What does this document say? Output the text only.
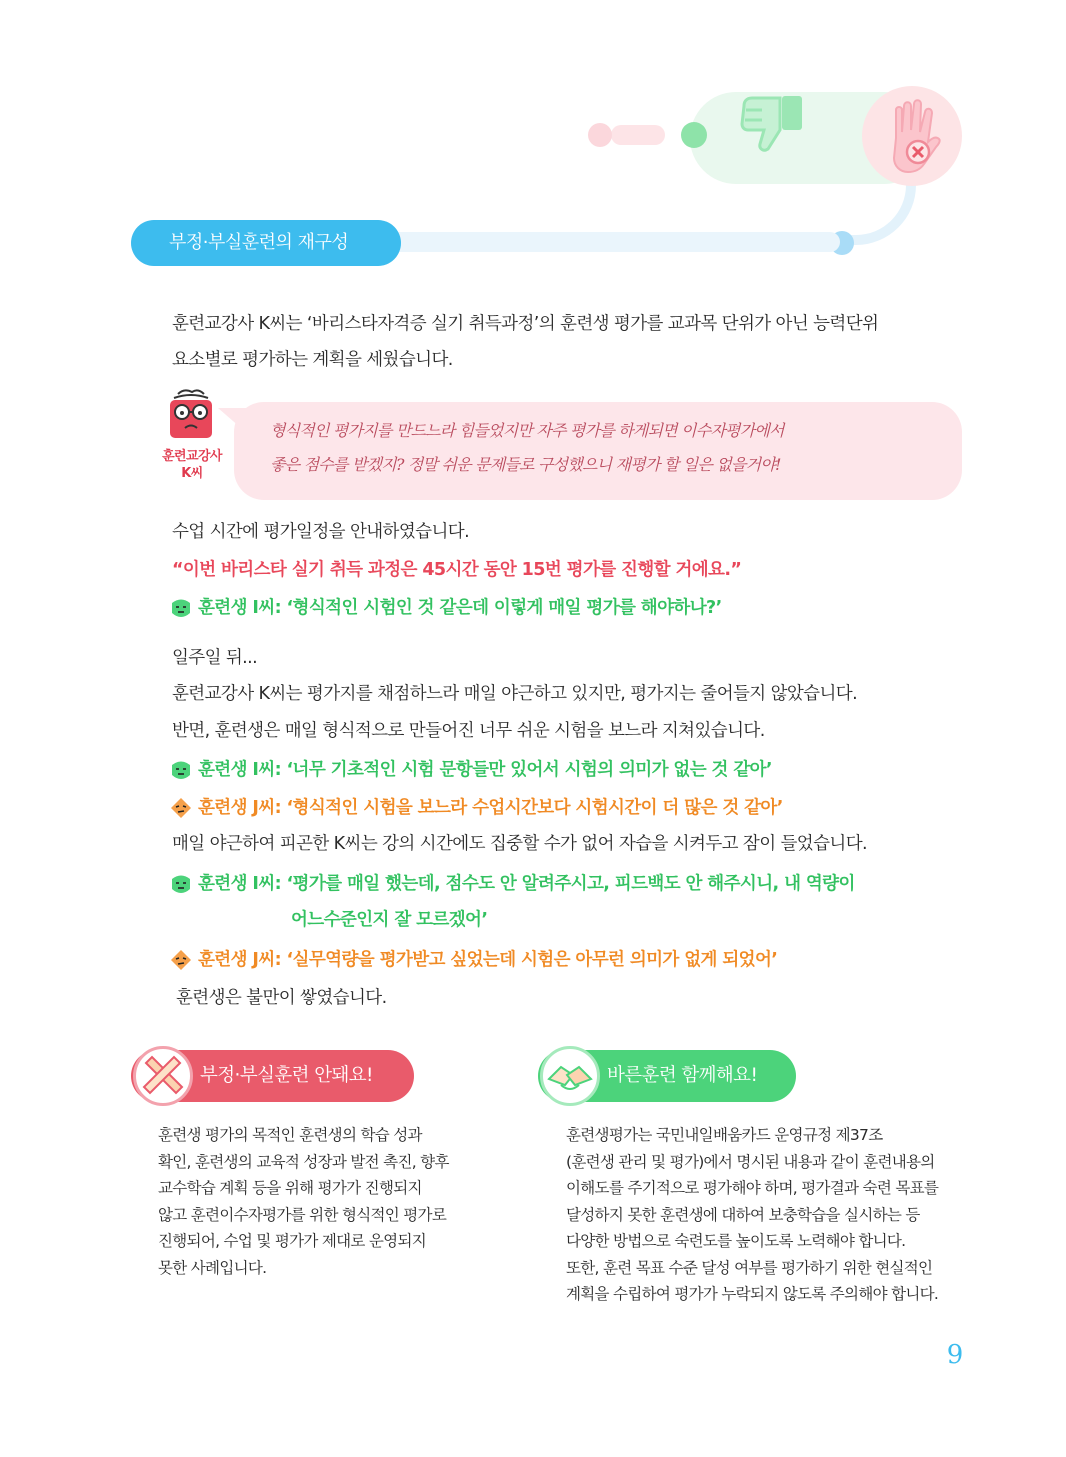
부정·부실훈련의 재구성
훈련교강사 K씨는 ‘바리스타자격증 실기 취득과정’의 훈련생 평가를 교과목 단위가 아닌 능력단위
요소별로 평가하는 계획을 세웠습니다.
훈련교강사
K씨
형식적인 평가지를 만드느라 힘들었지만 자주 평가를 하게되면 이수자평가에서
좋은 점수를 받겠지? 정말 쉬운 문제들로 구성했으니 재평가 할 일은 없을거야!
수업 시간에 평가일정을 안내하였습니다.
“이번 바리스타 실기 취득 과정은 45시간 동안 15번 평가를 진행할 거에요.”
훈련생 I씨: ‘형식적인 시험인 것 같은데 이렇게 매일 평가를 해야하나?’
일주일 뒤...
훈련교강사 K씨는 평가지를 채점하느라 매일 야근하고 있지만, 평가지는 줄어들지 않았습니다.
반면, 훈련생은 매일 형식적으로 만들어진 너무 쉬운 시험을 보느라 지쳐있습니다.
훈련생 I씨: ‘너무 기초적인 시험 문항들만 있어서 시험의 의미가 없는 것 같아’
훈련생 J씨: ‘형식적인 시험을 보느라 수업시간보다 시험시간이 더 많은 것 같아’
매일 야근하여 피곤한 K씨는 강의 시간에도 집중할 수가 없어 자습을 시켜두고 잠이 들었습니다.
훈련생 I씨: ‘평가를 매일 했는데, 점수도 안 알려주시고, 피드백도 안 해주시니, 내 역량이
어느수준인지 잘 모르겠어’
훈련생 J씨: ‘실무역량을 평가받고 싶었는데 시험은 아무런 의미가 없게 되었어’
훈련생은 불만이 쌓였습니다.
부정·부실훈련 안돼요!
훈련생 평가의 목적인 훈련생의 학습 성과
확인, 훈련생의 교육적 성장과 발전 촉진, 향후
교수학습 계획 등을 위해 평가가 진행되지
않고 훈련이수자평가를 위한 형식적인 평가로
진행되어, 수업 및 평가가 제대로 운영되지
못한 사례입니다.
바른훈련 함께해요!
훈련생평가는 국민내일배움카드 운영규정 제37조
(훈련생 관리 및 평가)에서 명시된 내용과 같이 훈련내용의
이해도를 주기적으로 평가해야 하며, 평가결과 숙련 목표를
달성하지 못한 훈련생에 대하여 보충학습을 실시하는 등
다양한 방법으로 숙련도를 높이도록 노력해야 합니다.
또한, 훈련 목표 수준 달성 여부를 평가하기 위한 현실적인
계획을 수립하여 평가가 누락되지 않도록 주의해야 합니다.
9
